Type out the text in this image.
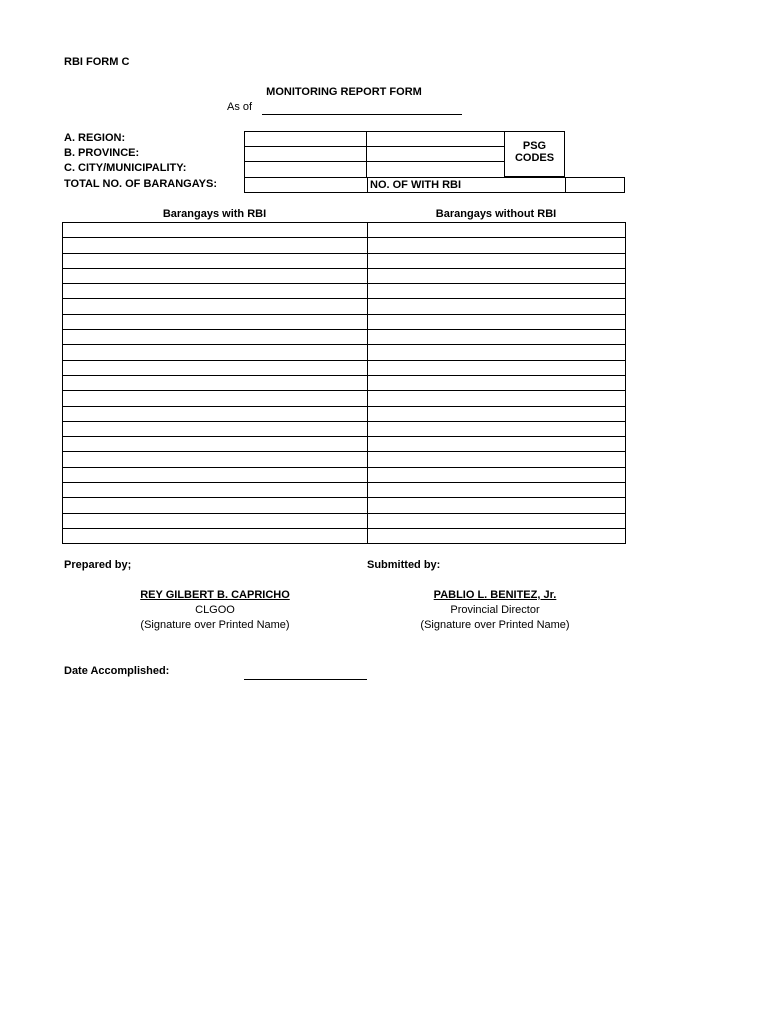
RBI FORM C
MONITORING REPORT FORM
As of
A. REGION:
B. PROVINCE:
C. CITY/MUNICIPALITY:
TOTAL NO. OF BARANGAYS:
PSG
CODES
NO. OF WITH RBI
Barangays with RBI	Barangays without RBI

Prepared by;	Submitted by:
REY GILBERT B. CAPRICHO
CLGOO
(Signature over Printed Name)
PABLIO L. BENITEZ, Jr.
Provincial Director
(Signature over Printed Name)
Date Accomplished:
